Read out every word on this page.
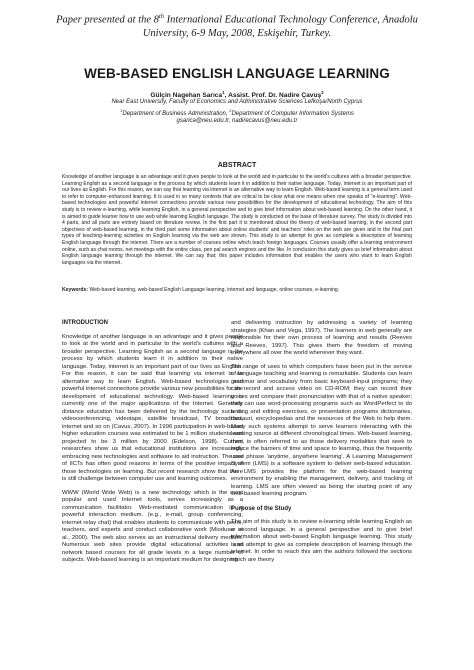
Paper presented at the 8th International Educational Technology Conference, Anadolu University, 6-9 May, 2008, Eskişehir, Turkey.
WEB-BASED ENGLISH LANGUAGE LEARNING
Gülçin Nagehan Sarıca$^1$, Assist. Prof. Dr. Nadire Çavuş$^2$
Near East University, Faculty of Economics and Administrative Sciences Lefkoşa/North Cyprus
$^1$Department of Business Administration, $^2$Department of Computer Information Systems
gsarica@neu.edu.tr, nadirecavus@neu.edu.tr
ABSTRACT
Knowledge of another language is an advantage and it gives people to look at the world and in particular to the world's cultures with a broader perspective. Learning English as a second language is the process by which students learn it in addition to their native language. Today, internet is an important part of our lives as English. For this reason, we can say that learning via internet is an alternative way to learn English. Web-based learning is a general term used to refer to computer-enhanced learning. It is used in so many contexts that are critical to be clear what one means when one speaks of "e-learning". Web-based technologies and powerful internet connections provide various new possibilities for the development of educational technology. The aim of this study is to review e-learning, while learning English, in a general perspective and to give brief information about web-based learning. On the other hand, it is aimed to guide learner how to use web while learning English language. The study is conducted on the base of literature survey. The study is divided into 4 parts, and all parts are entirely based on literature review. In the first part it is mentioned about the theory of web-based learning, in the second part objectives of web-based learning, in the third part some information about online students' and teachers' roles on the web are given and in the final part types of teaching-learning activities on English learning via the web are shown. This study is an attempt to give as complete a description of learning English language through the internet. There are a number of courses online which teach foreign languages. Courses usually offer a learning environment online, such as chat rooms, net meetings with the entire class, pen pal search engines and the like. In conclusion this study gives us brief information about English language learning through the internet. We can say that; this paper includes information that enables the users who want to learn English languages via the internet.
Keywords: Web-based learning, web-based English Language learning, internet and language, online courses, e-learning.
INTRODUCTION

Knowledge of another language is an advantage and it gives people to look at the world and in particular to the world's cultures with a broader perspective. Learning English as a second language is the process by which students learn it in addition to their native language. Today, internet is an important part of our lives as English. For this reason, it can be said that learning via internet is an alternative way to learn English. Web-based technologies and powerful internet connections provide various new possibilities for the development of educational technology. Web-based learning is currently one of the major applications of the Internet. Generally distance education has been delivered by the technology such as videoconferencing, videotape, satellite broadcast, TV broadcast, internet and so on (Cavus, 2007). In 1996 participation in web-based higher education courses was estimated to be 1 million students and projected to be 3 million by 2000 (Edelson, 1998). Current researches show us that educational institutions are increasingly embracing new technologies and software to aid instruction. The use of IICTs has often good reasons in terms of the positive impact of those technologies on learning. But recent research show that there is still challenge between computer use and learning outcomes.

WWW (World Wide Web) is a new technology which is the most popular and used Internet tools, serves increasingly as a communication facilitator. Web-mediated communication is a powerful interaction medium. (e.g., e-mail, group conferencing, internet relay chat) that enables students to communicate with peers, teachers, and experts and conduct collaborative work (Mioduser et al., 2000). The web also serves as an instructional delivery medium. Numerous web sites provide digital educational activities and network based courses for all grade levels in a large number of subjects. Web-based learning is an important medium for designing

and delivering instruction by addressing a variety of learning strategies (Khan and Vega, 1997). The learners in web generally are responsible for their own process of learning and results (Reeves and Reeves, 1997). This gives them the freedom of moving everywhere all over the world whenever they want.

The range of uses to which computers have been put in the service of language teaching and learning is remarkable. Students can learn grammar and vocabulary from basic keyboard-input programs; they can record and access video on CD-ROM; they can record their voices and compare their pronunciation with that of a native speaker; they can use word-processing programs such as WordPerfect to do writing and editing exercises, or presentation programs dictionaries, thesauri, encyclopedias and the resources of the Web to help them. Many such systems attempt to serve learners interacting with the learning source at different chronological times. Web-based learning, then, is often referred to as those delivery modalities that seek to reduce the barriers of time and space to learning, thus the frequently used phrase 'anytime, anywhere learning'. A Learning Management System (LMS) is a software system to deliver web-based education. An LMS provides the platform for the web-based learning environment by enabling the management, delivery, and tracking of learning. LMS are often viewed as being the starting point of any web-based learning program.

Purpose of the Study

The aim of this study is to review e-learning while learning English as a second language, in a general perspective and to give brief information about web-based English language learning. This study is an attempt to give as complete description of learning through the internet. In order to reach this aim the authors followed the sections which are theory
